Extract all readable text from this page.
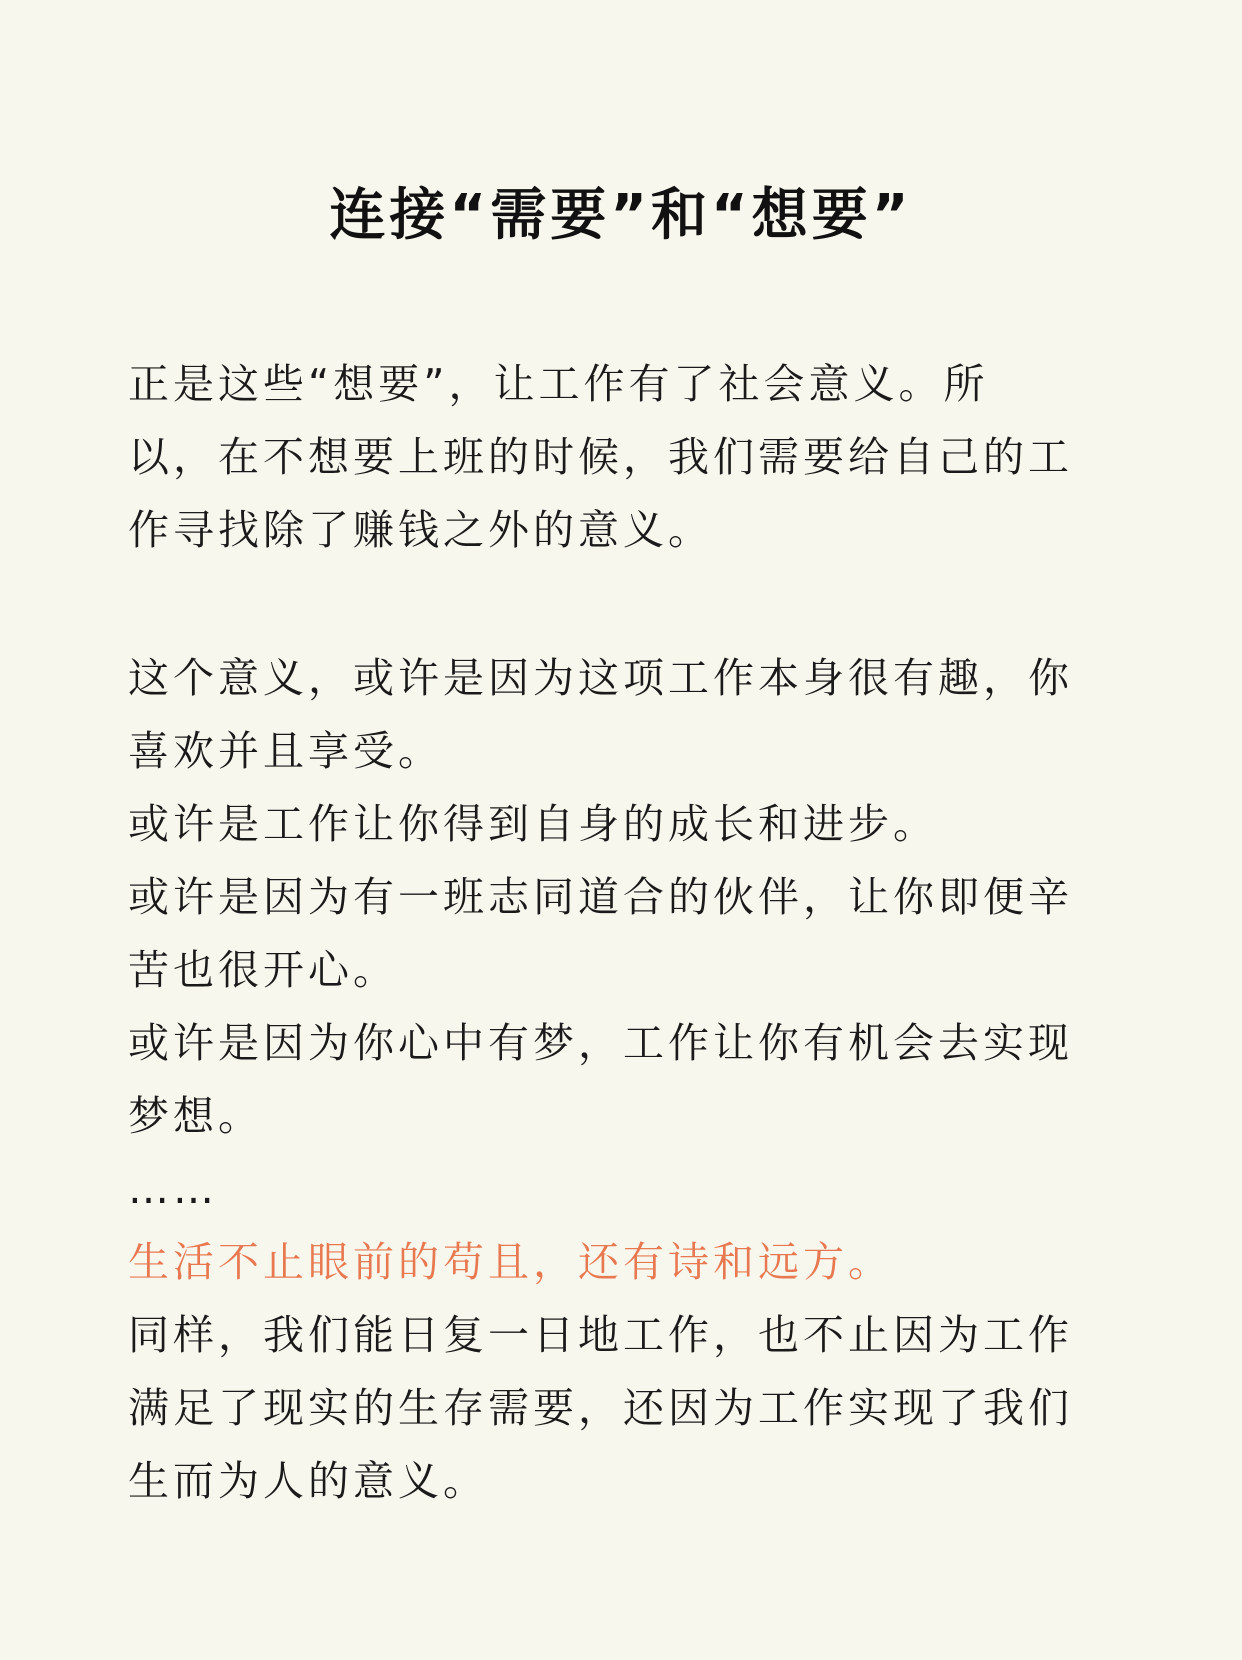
连接“需要”和“想要”
正是这些“想要”，让工作有了社会意义。所
以，在不想要上班的时候，我们需要给自己的工
作寻找除了赚钱之外的意义。
这个意义，或许是因为这项工作本身很有趣，你
喜欢并且享受。
或许是工作让你得到自身的成长和进步。
或许是因为有一班志同道合的伙伴，让你即便辛
苦也很开心。
或许是因为你心中有梦，工作让你有机会去实现
梦想。
……
生活不止眼前的苟且，还有诗和远方。
同样，我们能日复一日地工作，也不止因为工作
满足了现实的生存需要，还因为工作实现了我们
生而为人的意义。
